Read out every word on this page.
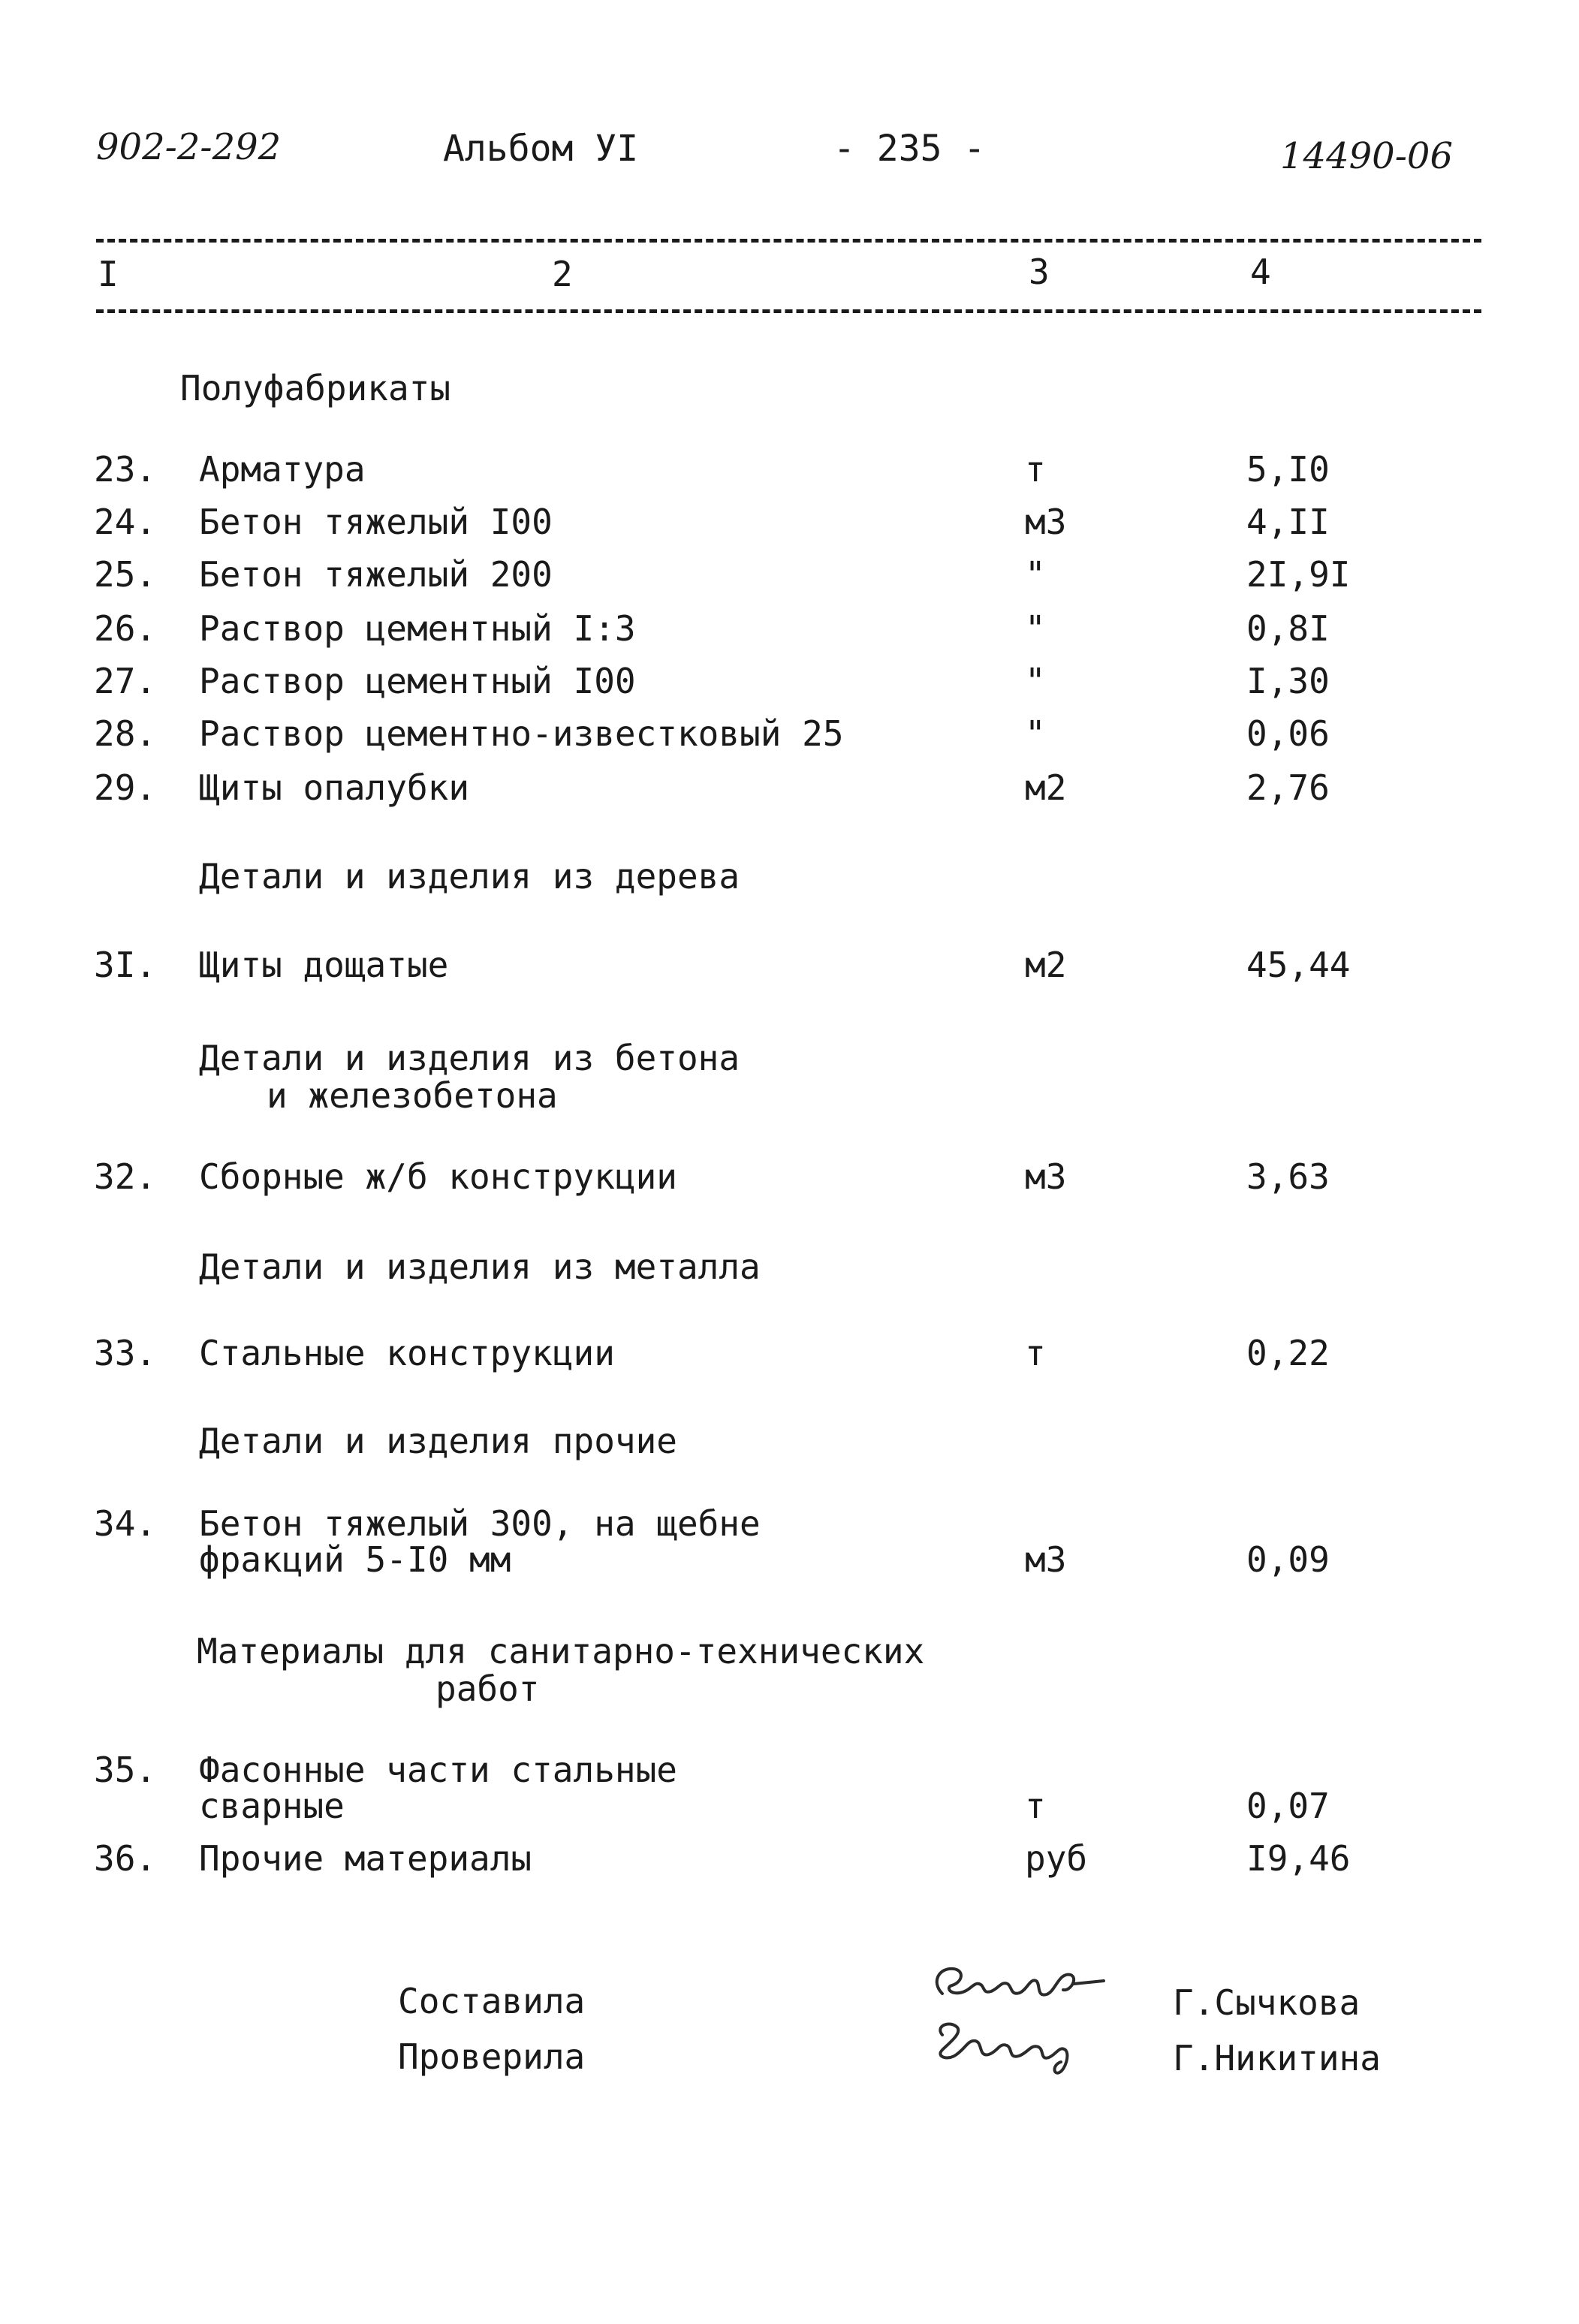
902-2-292	Альбом УI	- 235 -	14490-06
I	2	3	4
Полуфабрикаты
23. Арматура	т	5,I0
24. Бетон тяжелый I00	м3	4,II
25. Бетон тяжелый 200	"	2I,9I
26. Раствор цементный I:3	"	0,8I
27. Раствор цементный I00	"	I,30
28. Раствор цементно-известковый 25	"	0,06
29. Щиты опалубки	м2	2,76
Детали и изделия из дерева
3I. Щиты дощатые	м2	45,44
Детали и изделия из бетона
и железобетона
32. Сборные ж/б конструкции	м3	3,63
Детали и изделия из металла
33. Стальные конструкции	т	0,22
Детали и изделия прочие
34. Бетон тяжелый 300, на щебне
фракций 5-I0 мм	м3	0,09
Материалы для санитарно-технических
работ
35. Фасонные части стальные
сварные	т	0,07
36. Прочие материалы	руб	I9,46
Составила
Проверила
Г.Сычкова
Г.Никитина
